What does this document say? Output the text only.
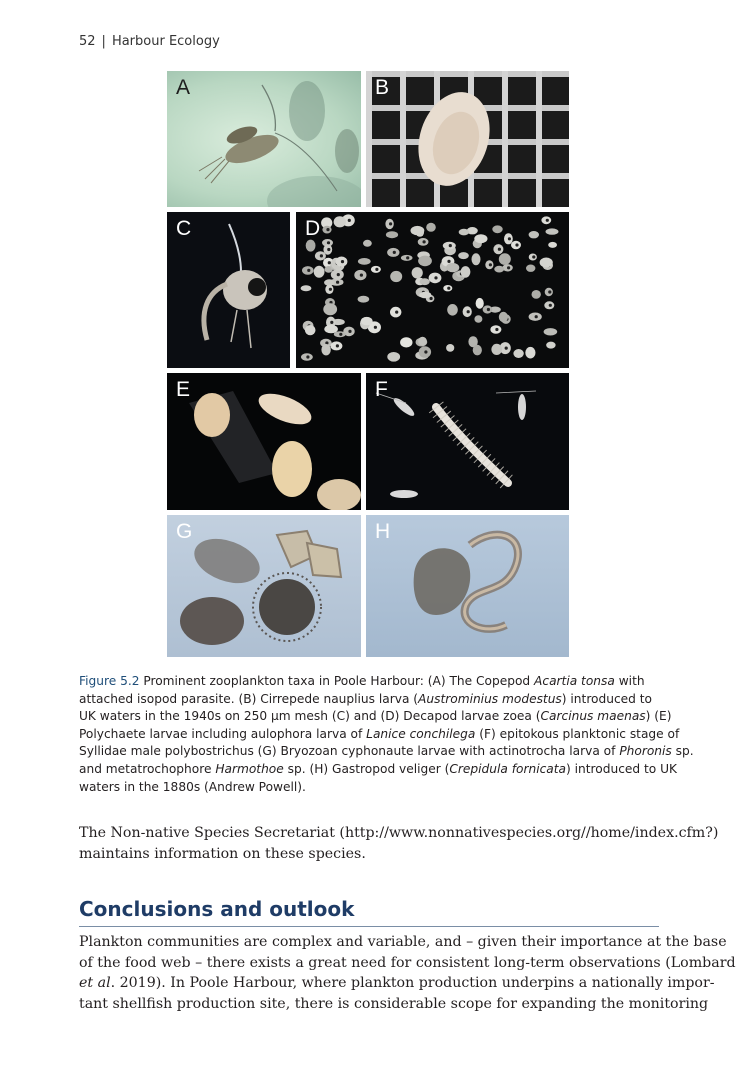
52 | Harbour Ecology
A	B
C	D
E	F
G	H
Figure 5.2 Prominent zooplankton taxa in Poole Harbour: (A) The Copepod Acartia tonsa with
attached isopod parasite. (B) Cirrepede nauplius larva (Austrominius modestus) introduced to
UK waters in the 1940s on 250 μm mesh (C) and (D) Decapod larvae zoea (Carcinus maenas) (E)
Polychaete larvae including aulophora larva of Lanice conchilega (F) epitokous planktonic stage of
Syllidae male polybostrichus (G) Bryozoan cyphonaute larvae with actinotrocha larva of Phoronis sp.
and metatrochophore Harmothoe sp. (H) Gastropod veliger (Crepidula fornicata) introduced to UK
waters in the 1880s (Andrew Powell).
The Non-native Species Secretariat (http://www.nonnativespecies.org//home/index.cfm?)
maintains information on these species.
Conclusions and outlook
Plankton communities are complex and variable, and – given their importance at the base
of the food web – there exists a great need for consistent long-term observations (Lombard
et al. 2019). In Poole Harbour, where plankton production underpins a nationally impor-
tant shellfish production site, there is considerable scope for expanding the monitoring
